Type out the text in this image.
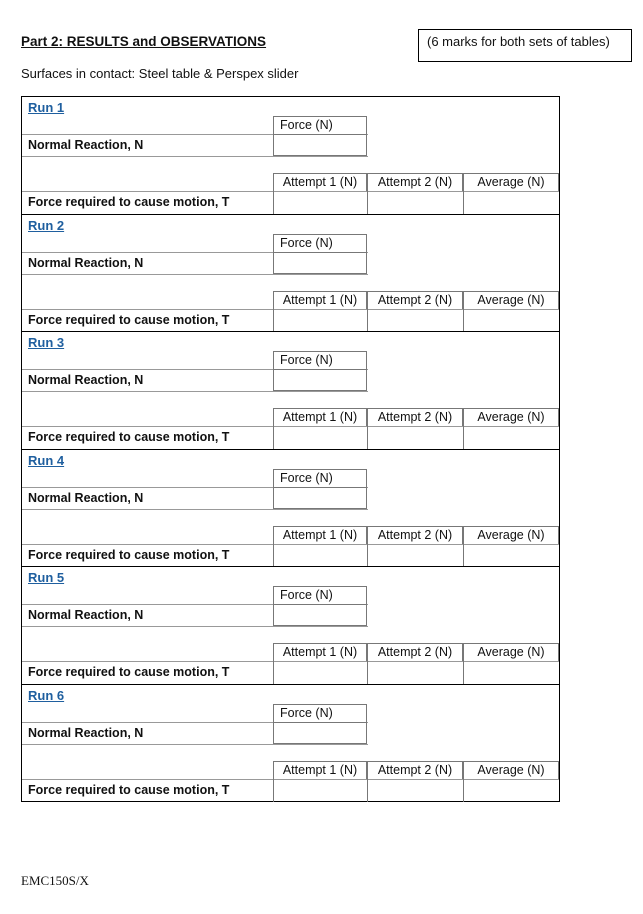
Part 2: RESULTS and OBSERVATIONS	(6 marks for both sets of tables)
Surfaces in contact: Steel table & Perspex slider
Run 1
Force (N)
Normal Reaction, N
Attempt 1 (N)	Attempt 2 (N)	Average (N)
Force required to cause motion, T
Run 2
Force (N)
Normal Reaction, N
Attempt 1 (N)	Attempt 2 (N)	Average (N)
Force required to cause motion, T
Run 3
Force (N)
Normal Reaction, N
Attempt 1 (N)	Attempt 2 (N)	Average (N)
Force required to cause motion, T
Run 4
Force (N)
Normal Reaction, N
Attempt 1 (N)	Attempt 2 (N)	Average (N)
Force required to cause motion, T
Run 5
Force (N)
Normal Reaction, N
Attempt 1 (N)	Attempt 2 (N)	Average (N)
Force required to cause motion, T
Run 6
Force (N)
Normal Reaction, N
Attempt 1 (N)	Attempt 2 (N)	Average (N)
Force required to cause motion, T
EMC150S/X
